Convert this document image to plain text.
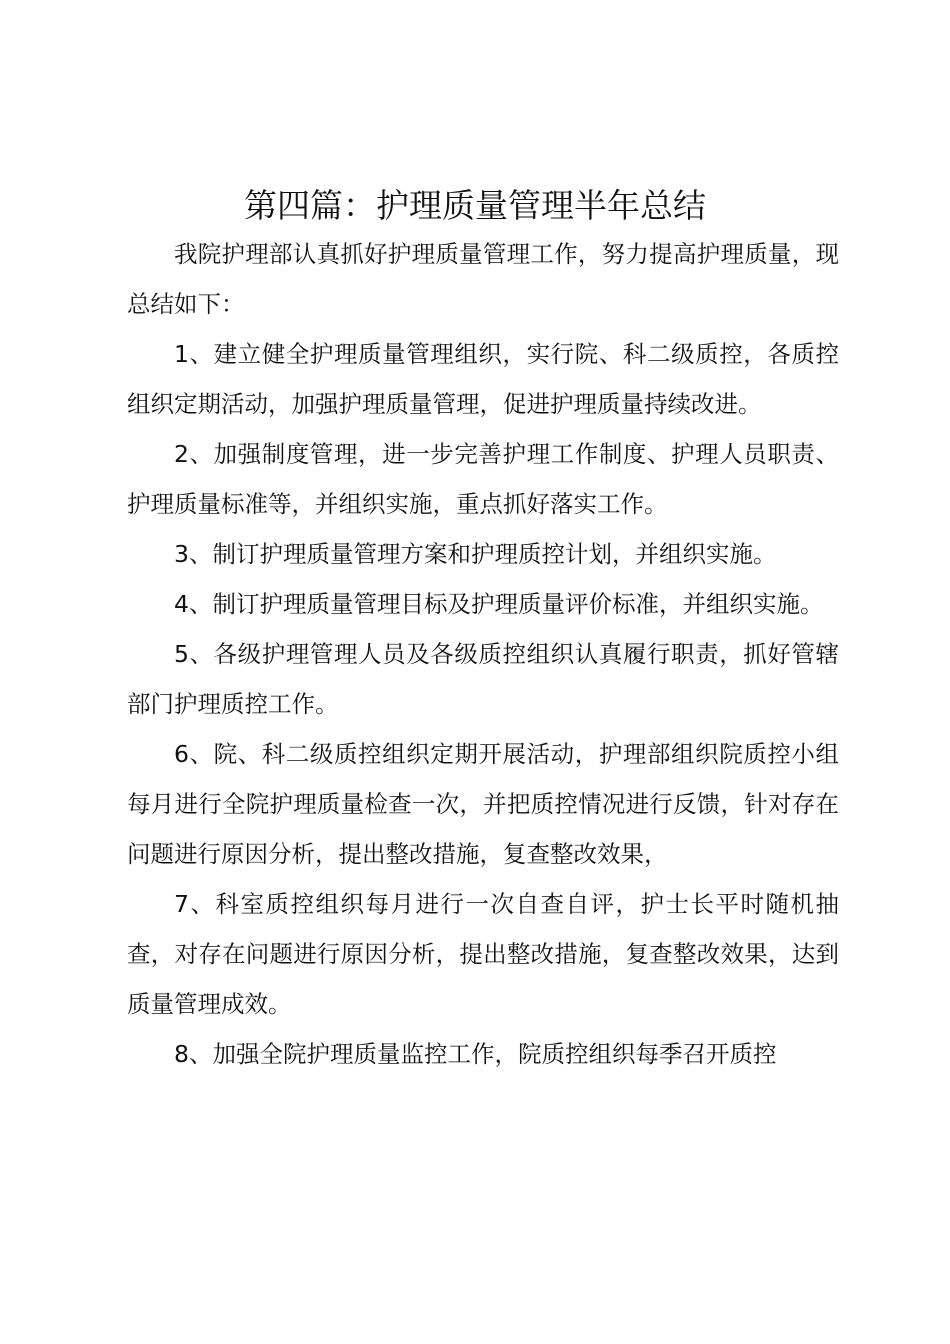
第四篇：护理质量管理半年总结

我院护理部认真抓好护理质量管理工作，努力提高护理质量，现总结如下：

1、建立健全护理质量管理组织，实行院、科二级质控，各质控组织定期活动，加强护理质量管理，促进护理质量持续改进。

2、加强制度管理，进一步完善护理工作制度、护理人员职责、护理质量标准等，并组织实施，重点抓好落实工作。

3、制订护理质量管理方案和护理质控计划，并组织实施。

4、制订护理质量管理目标及护理质量评价标准，并组织实施。

5、各级护理管理人员及各级质控组织认真履行职责，抓好管辖部门护理质控工作。

6、院、科二级质控组织定期开展活动，护理部组织院质控小组每月进行全院护理质量检查一次，并把质控情况进行反馈，针对存在问题进行原因分析，提出整改措施，复查整改效果，

7、科室质控组织每月进行一次自查自评，护士长平时随机抽查，对存在问题进行原因分析，提出整改措施，复查整改效果，达到质量管理成效。

8、加强全院护理质量监控工作，院质控组织每季召开质控
